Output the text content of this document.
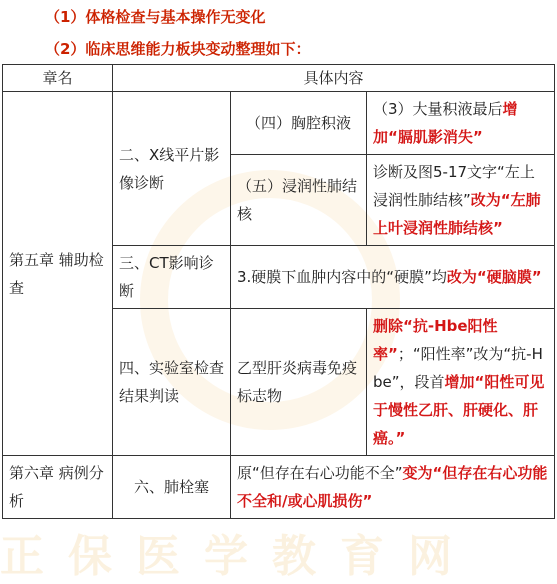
（1）体格检查与基本操作无变化
（2）临床思维能力板块变动整理如下：
章名	具体内容		
第五章 辅助检查	二、X线平片影像诊断	（四）胸腔积液	（3）大量积液最后增加“膈肌影消失”
		（五）浸润性肺结核	诊断及图5-17文字“左上浸润性肺结核”改为“左肺上叶浸润性肺结核”
	三、CT影响诊断	3.硬膜下血肿内容中的“硬膜”均改为“硬脑膜”	
	四、实验室检查结果判读	乙型肝炎病毒免疫标志物	删除“抗-Hbe阳性率”；“阳性率”改为“抗-Hbe”，段首增加“阳性可见于慢性乙肝、肝硬化、肝癌。”
第六章 病例分析	六、肺栓塞	原“但存在右心功能不全”变为“但存在右心功能不全和/或心肌损伤”	
正保医学教育网
